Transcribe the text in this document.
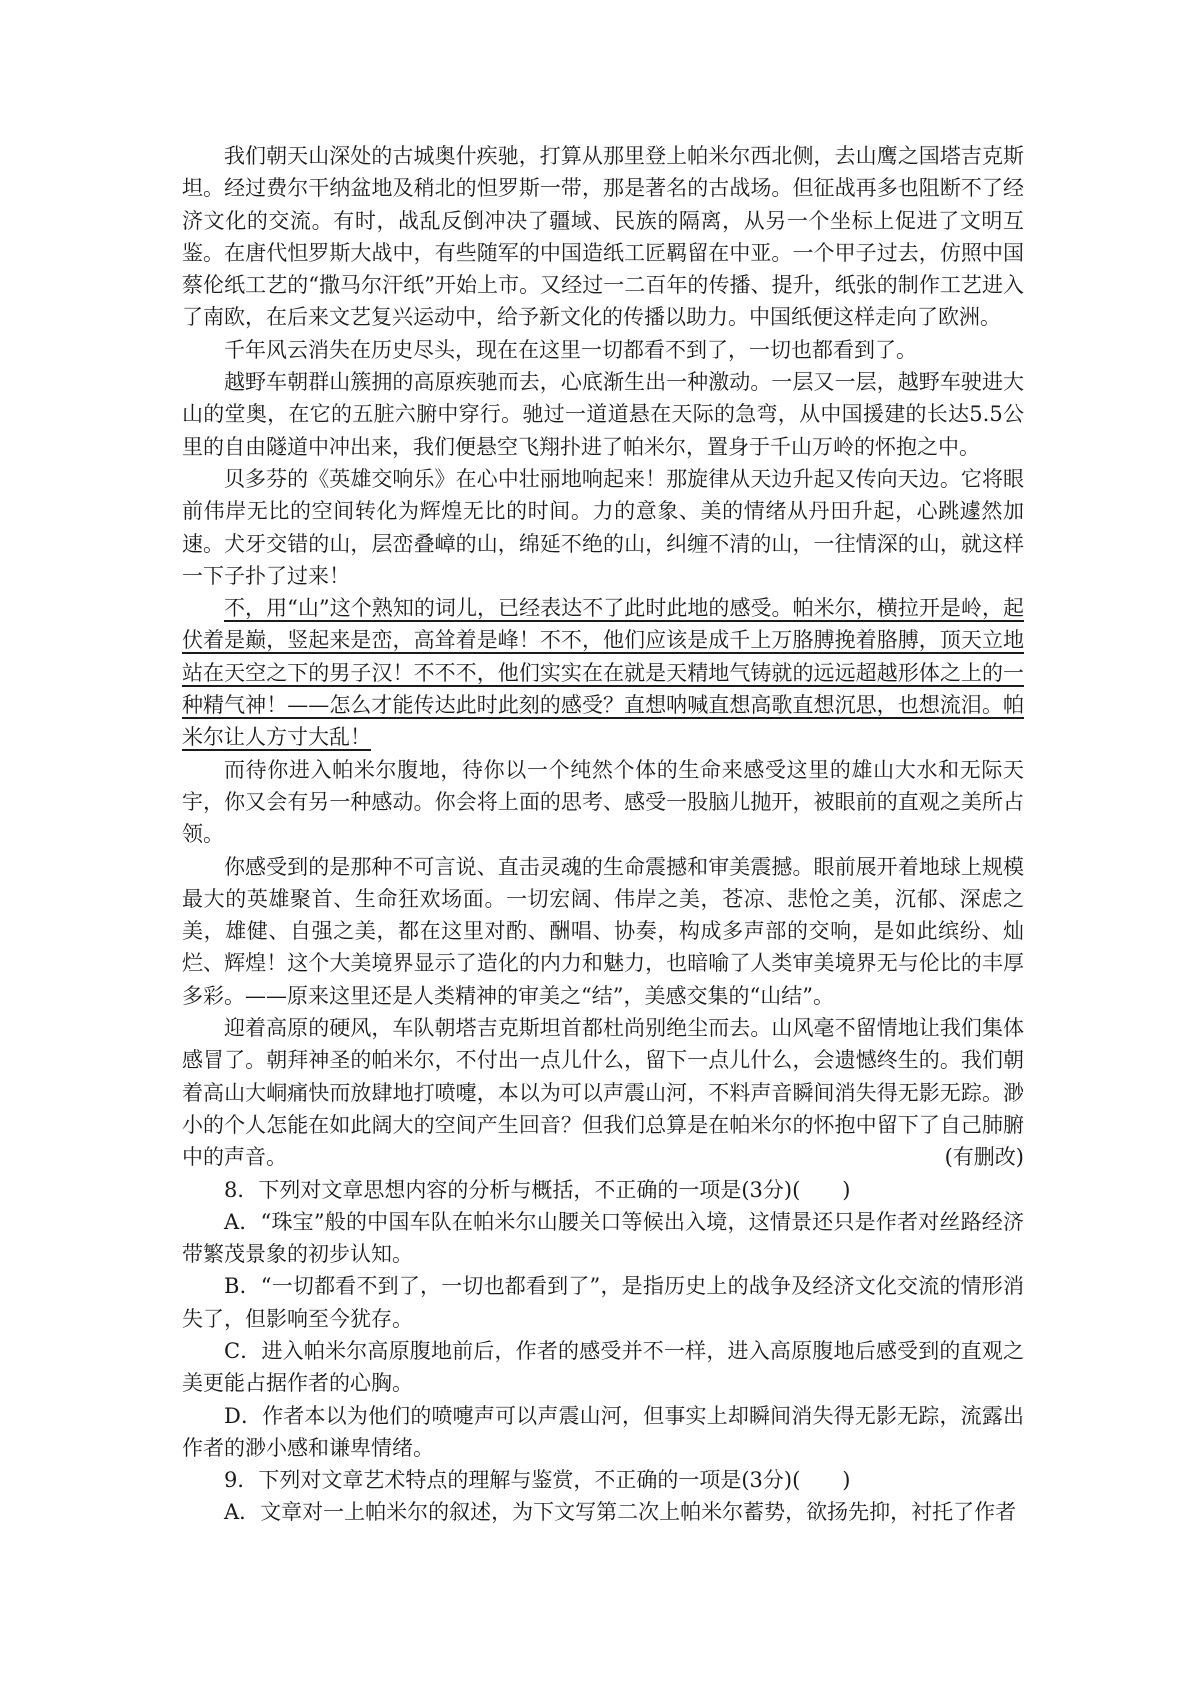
我们朝天山深处的古城奥什疾驰，打算从那里登上帕米尔西北侧，去山鹰之国塔吉克斯坦。经过费尔干纳盆地及稍北的怛罗斯一带，那是著名的古战场。但征战再多也阻断不了经济文化的交流。有时，战乱反倒冲决了疆域、民族的隔离，从另一个坐标上促进了文明互鉴。在唐代怛罗斯大战中，有些随军的中国造纸工匠羁留在中亚。一个甲子过去，仿照中国蔡伦纸工艺的“撒马尔汗纸”开始上市。又经过一二百年的传播、提升，纸张的制作工艺进入了南欧，在后来文艺复兴运动中，给予新文化的传播以助力。中国纸便这样走向了欧洲。

千年风云消失在历史尽头，现在在这里一切都看不到了，一切也都看到了。

越野车朝群山簇拥的高原疾驰而去，心底渐生出一种激动。一层又一层，越野车驶进大山的堂奥，在它的五脏六腑中穿行。驰过一道道悬在天际的急弯，从中国援建的长达5.5公里的自由隧道中冲出来，我们便悬空飞翔扑进了帕米尔，置身于千山万岭的怀抱之中。

贝多芬的《英雄交响乐》在心中壮丽地响起来！那旋律从天边升起又传向天边。它将眼前伟岸无比的空间转化为辉煌无比的时间。力的意象、美的情绪从丹田升起，心跳遽然加速。犬牙交错的山，层峦叠嶂的山，绵延不绝的山，纠缠不清的山，一往情深的山，就这样一下子扑了过来！

不，用“山”这个熟知的词儿，已经表达不了此时此地的感受。帕米尔，横拉开是岭，起伏着是巅，竖起来是峦，高耸着是峰！不不，他们应该是成千上万胳膊挽着胳膊，顶天立地站在天空之下的男子汉！不不不，他们实实在在就是天精地气铸就的远远超越形体之上的一种精气神！——怎么才能传达此时此刻的感受？直想呐喊直想高歌直想沉思，也想流泪。帕米尔让人方寸大乱！

而待你进入帕米尔腹地，待你以一个纯然个体的生命来感受这里的雄山大水和无际天宇，你又会有另一种感动。你会将上面的思考、感受一股脑儿抛开，被眼前的直观之美所占领。

你感受到的是那种不可言说、直击灵魂的生命震撼和审美震撼。眼前展开着地球上规模最大的英雄聚首、生命狂欢场面。一切宏阔、伟岸之美，苍凉、悲怆之美，沉郁、深虑之美，雄健、自强之美，都在这里对酌、酬唱、协奏，构成多声部的交响，是如此缤纷、灿烂、辉煌！这个大美境界显示了造化的内力和魅力，也暗喻了人类审美境界无与伦比的丰厚多彩。——原来这里还是人类精神的审美之“结”，美感交集的“山结”。

迎着高原的硬风，车队朝塔吉克斯坦首都杜尚别绝尘而去。山风毫不留情地让我们集体感冒了。朝拜神圣的帕米尔，不付出一点儿什么，留下一点儿什么，会遗憾终生的。我们朝着高山大峒痛快而放肆地打喷嚏，本以为可以声震山河，不料声音瞬间消失得无影无踪。渺小的个人怎能在如此阔大的空间产生回音？但我们总算是在帕米尔的怀抱中留下了自己肺腑中的声音。	(有删改)

8．下列对文章思想内容的分析与概括，不正确的一项是(3分)(　　)

A．“珠宝”般的中国车队在帕米尔山腰关口等候出入境，这情景还只是作者对丝路经济带繁茂景象的初步认知。

B．“一切都看不到了，一切也都看到了”，是指历史上的战争及经济文化交流的情形消失了，但影响至今犹存。

C．进入帕米尔高原腹地前后，作者的感受并不一样，进入高原腹地后感受到的直观之美更能占据作者的心胸。

D．作者本以为他们的喷嚏声可以声震山河，但事实上却瞬间消失得无影无踪，流露出作者的渺小感和谦卑情绪。

9．下列对文章艺术特点的理解与鉴赏，不正确的一项是(3分)(　　)

A．文章对一上帕米尔的叙述，为下文写第二次上帕米尔蓄势，欲扬先抑，衬托了作者
